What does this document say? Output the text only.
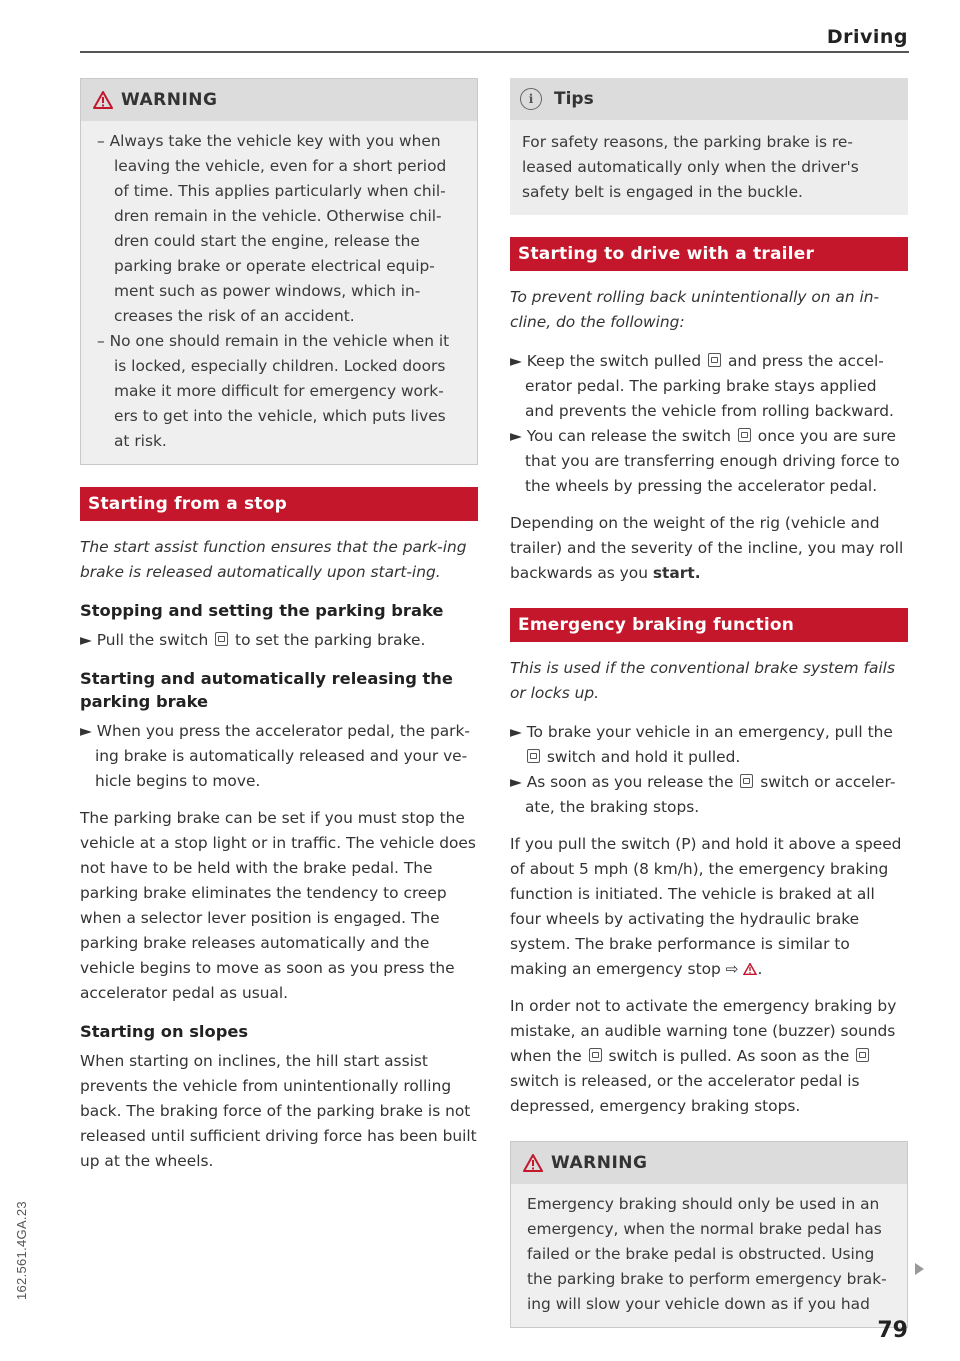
Driving
WARNING
– Always take the vehicle key with you when leaving the vehicle, even for a short period of time. This applies particularly when chil-dren remain in the vehicle. Otherwise chil-dren could start the engine, release the parking brake or operate electrical equip-ment such as power windows, which in-creases the risk of an accident.
– No one should remain in the vehicle when it is locked, especially children. Locked doors make it more difficult for emergency work-ers to get into the vehicle, which puts lives at risk.
Starting from a stop
The start assist function ensures that the park-ing brake is released automatically upon start-ing.
Stopping and setting the parking brake
► Pull the switch to set the parking brake.
Starting and automatically releasing the parking brake
► When you press the accelerator pedal, the park-ing brake is automatically released and your ve-hicle begins to move.
The parking brake can be set if you must stop the vehicle at a stop light or in traffic. The vehicle does not have to be held with the brake pedal. The parking brake eliminates the tendency to creep when a selector lever position is engaged. The parking brake releases automatically and the vehicle begins to move as soon as you press the accelerator pedal as usual.
Starting on slopes
When starting on inclines, the hill start assist prevents the vehicle from unintentionally rolling back. The braking force of the parking brake is not released until sufficient driving force has been built up at the wheels.
i	Tips
For safety reasons, the parking brake is re-leased automatically only when the driver's safety belt is engaged in the buckle.
Starting to drive with a trailer
To prevent rolling back unintentionally on an in-cline, do the following:
► Keep the switch pulled and press the accel-erator pedal. The parking brake stays applied and prevents the vehicle from rolling backward.
► You can release the switch once you are sure that you are transferring enough driving force to the wheels by pressing the accelerator pedal.
Depending on the weight of the rig (vehicle and trailer) and the severity of the incline, you may roll backwards as you start.
Emergency braking function
This is used if the conventional brake system fails or locks up.
► To brake your vehicle in an emergency, pull the  switch and hold it pulled.
► As soon as you release the switch or acceler-ate, the braking stops.
If you pull the switch (P) and hold it above a speed of about 5 mph (8 km/h), the emergency braking function is initiated. The vehicle is braked at all four wheels by activating the hydraulic brake system. The brake performance is similar to making an emergency stop ⇨ .
In order not to activate the emergency braking by mistake, an audible warning tone (buzzer) sounds when the switch is pulled. As soon as the  switch is released, or the accelerator pedal is depressed, emergency braking stops.
WARNING
Emergency braking should only be used in an emergency, when the normal brake pedal has failed or the brake pedal is obstructed. Using the parking brake to perform emergency brak-ing will slow your vehicle down as if you had
162.561.4GA.23
79
